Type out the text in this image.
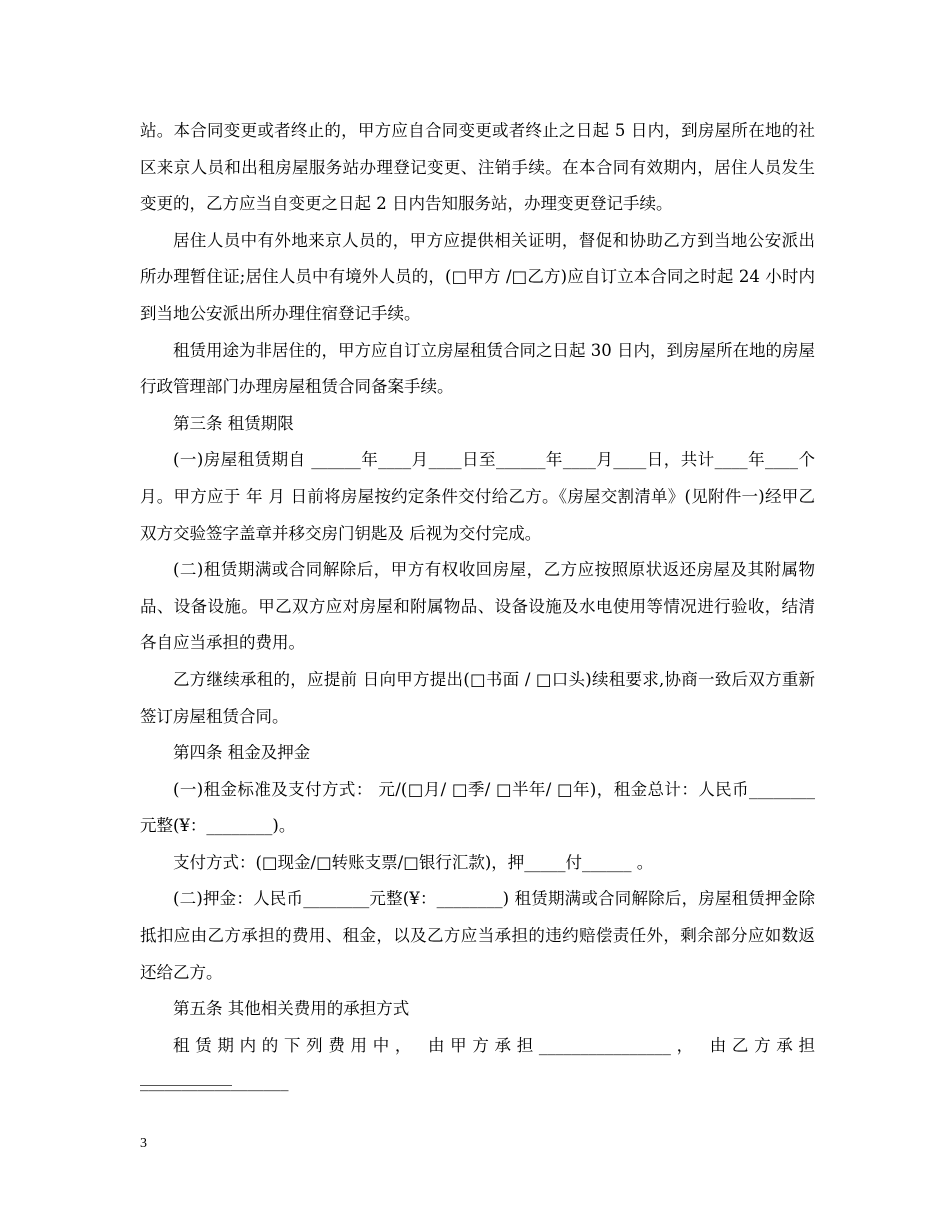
站。本合同变更或者终止的，甲方应自合同变更或者终止之日起 5 日内，到房屋所在地的社区来京人员和出租房屋服务站办理登记变更、注销手续。在本合同有效期内，居住人员发生变更的，乙方应当自变更之日起 2 日内告知服务站，办理变更登记手续。

居住人员中有外地来京人员的，甲方应提供相关证明，督促和协助乙方到当地公安派出所办理暂住证;居住人员中有境外人员的，(□甲方 /□乙方)应自订立本合同之时起 24 小时内到当地公安派出所办理住宿登记手续。

租赁用途为非居住的，甲方应自订立房屋租赁合同之日起 30 日内，到房屋所在地的房屋行政管理部门办理房屋租赁合同备案手续。

第三条 租赁期限

(一)房屋租赁期自 ______年____月____日至______年____月____日，共计____年____个月。甲方应于 年 月 日前将房屋按约定条件交付给乙方。《房屋交割清单》(见附件一)经甲乙双方交验签字盖章并移交房门钥匙及 后视为交付完成。

(二)租赁期满或合同解除后，甲方有权收回房屋，乙方应按照原状返还房屋及其附属物品、设备设施。甲乙双方应对房屋和附属物品、设备设施及水电使用等情况进行验收，结清各自应当承担的费用。

乙方继续承租的，应提前 日向甲方提出(□书面 / □口头)续租要求,协商一致后双方重新签订房屋租赁合同。

第四条 租金及押金

(一)租金标准及支付方式： 元/(□月/ □季/ □半年/ □年)，租金总计：人民币________元整(¥：________)。

支付方式：(□现金/□转账支票/□银行汇款)，押_____付______ 。

(二)押金：人民币________元整(¥：________) 租赁期满或合同解除后，房屋租赁押金除抵扣应由乙方承担的费用、租金，以及乙方应当承担的违约赔偿责任外，剩余部分应如数返还给乙方。

第五条 其他相关费用的承担方式

租赁期内的下列费用中， 由甲方承担________________， 由乙方承担__________________

3
